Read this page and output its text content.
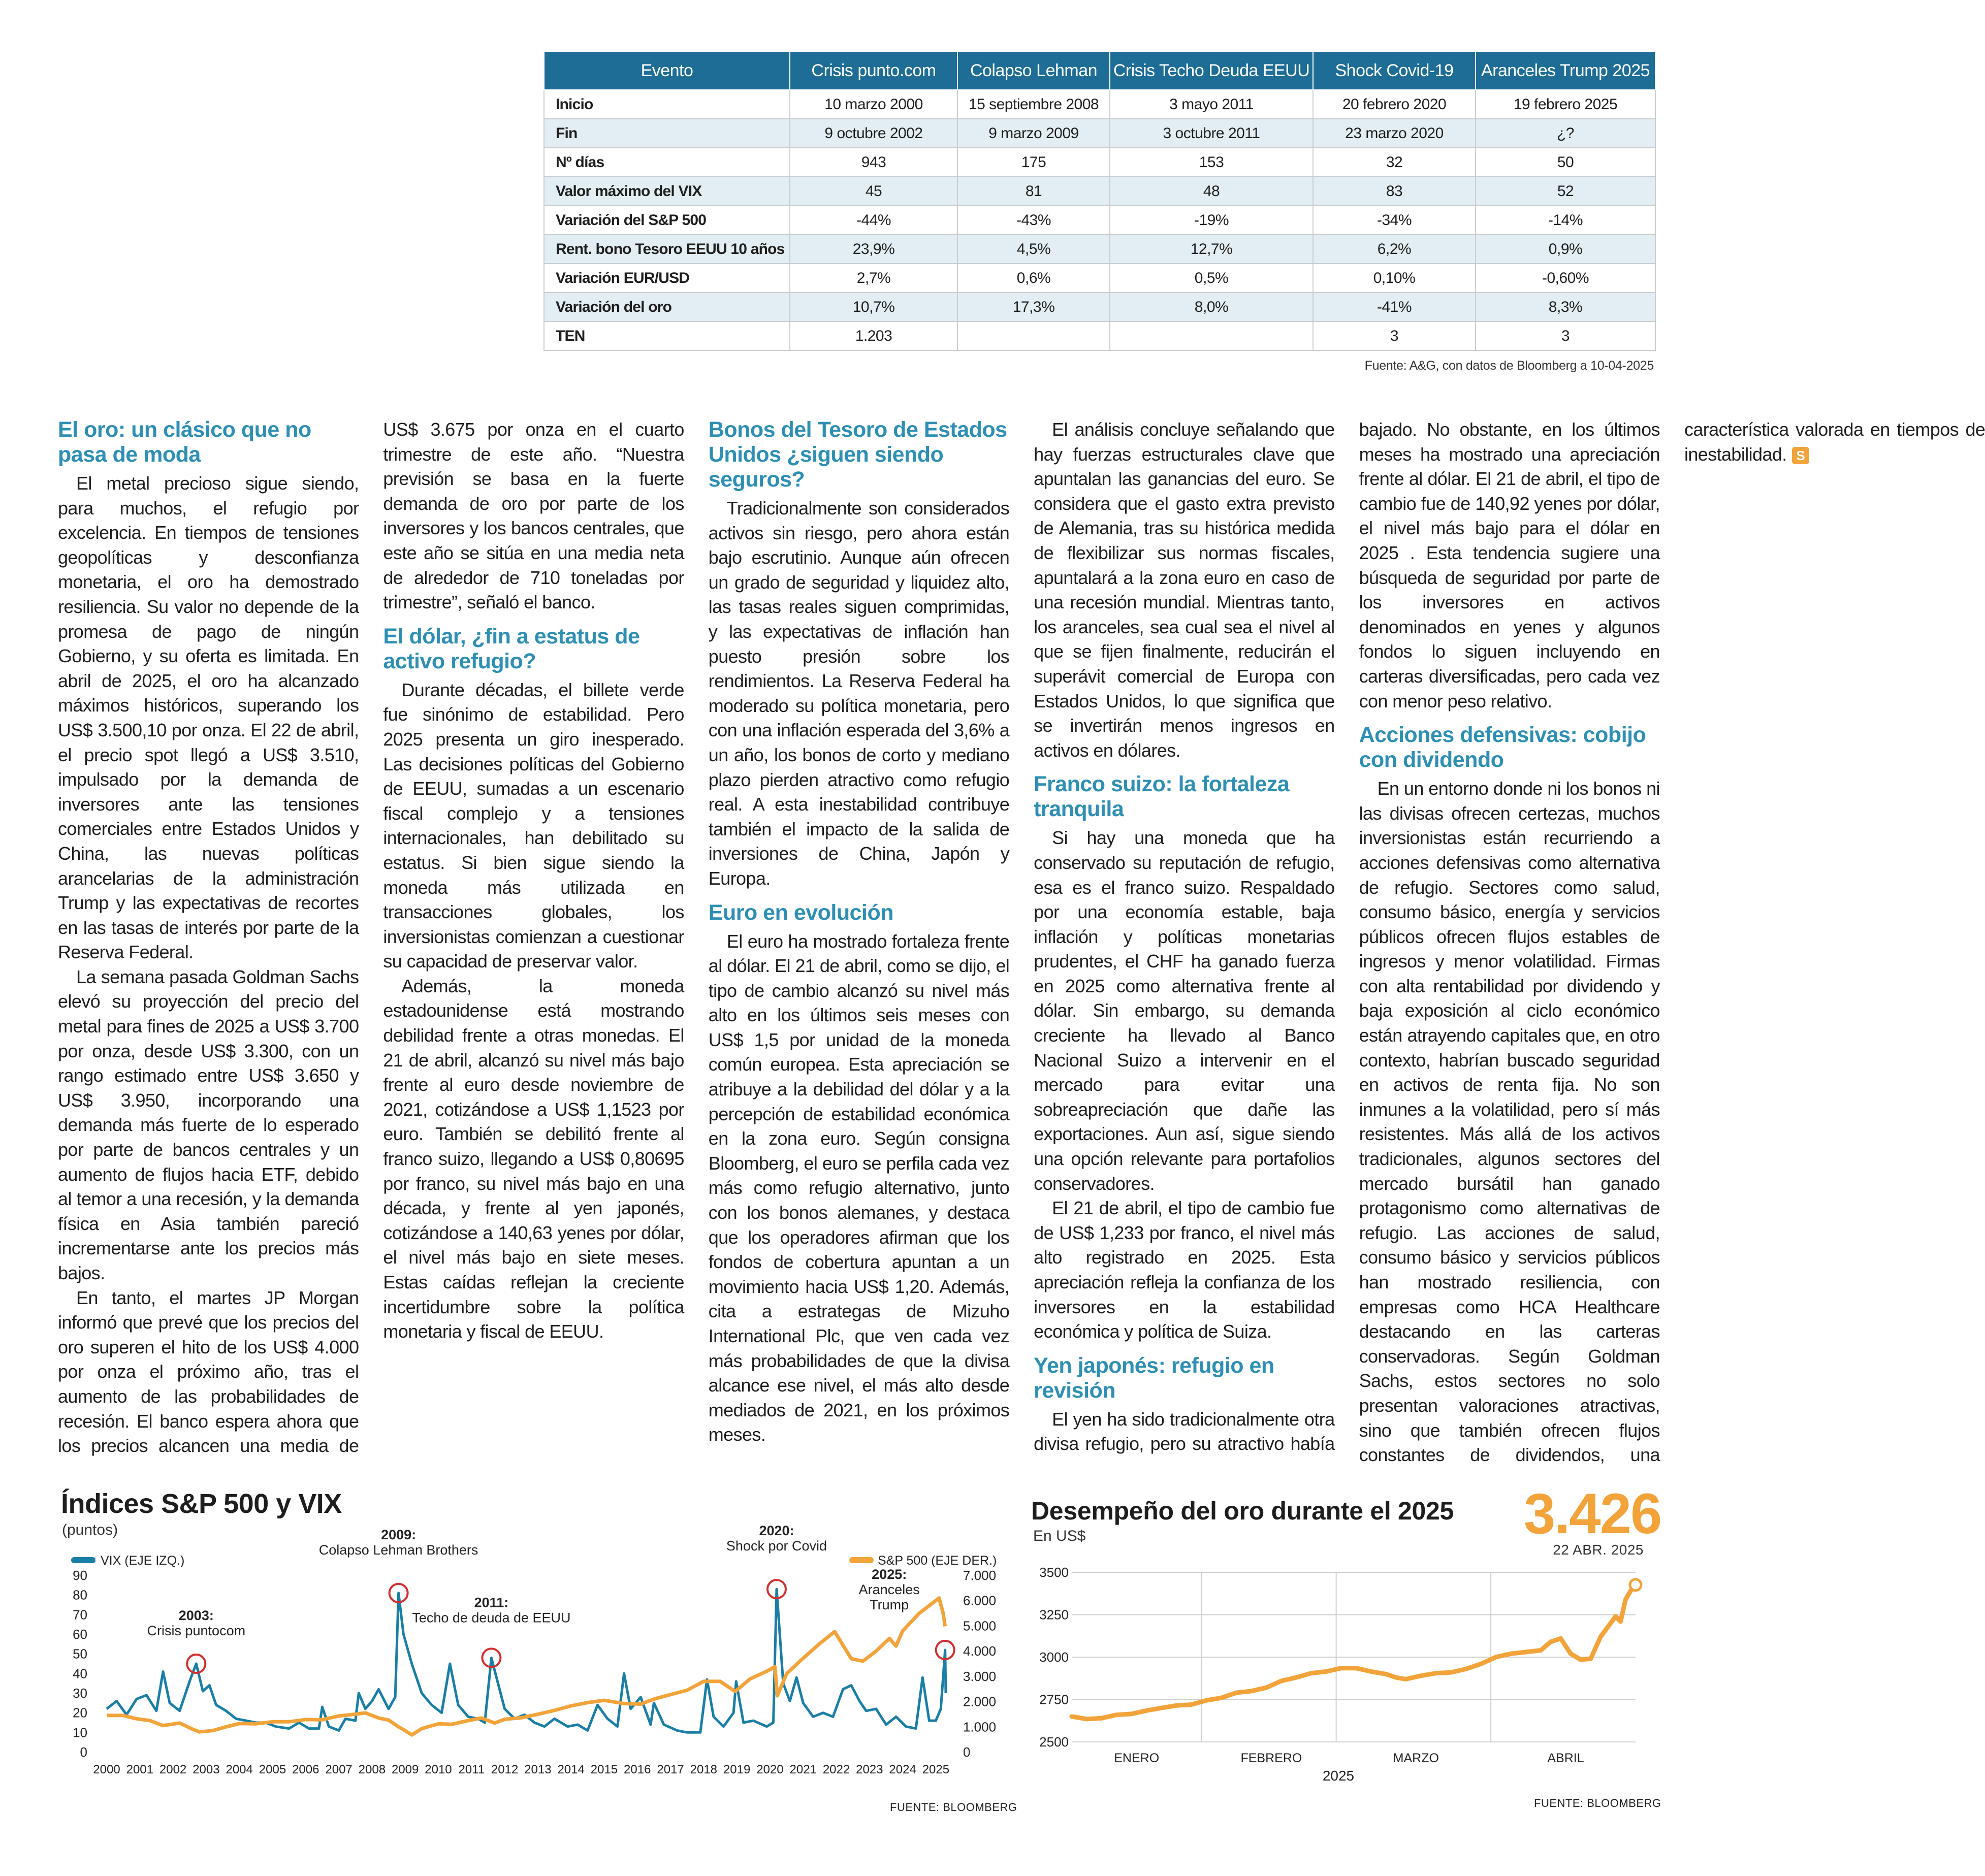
Evento	Crisis punto.com	Colapso Lehman	Crisis Techo Deuda EEUU	Shock Covid-19	Aranceles Trump 2025
Inicio	10 marzo 2000	15 septiembre 2008	3 mayo 2011	20 febrero 2020	19 febrero 2025
Fin	9 octubre 2002	9 marzo 2009	3 octubre 2011	23 marzo 2020	¿?
Nº días	943	175	153	32	50
Valor máximo del VIX	45	81	48	83	52
Variación del S&P 500	-44%	-43%	-19%	-34%	-14%
Rent. bono Tesoro EEUU 10 años	23,9%	4,5%	12,7%	6,2%	0,9%
Variación EUR/USD	2,7%	0,6%	0,5%	0,10%	-0,60%
Variación del oro	10,7%	17,3%	8,0%	-41%	8,3%
TEN	1.203			3	3
Fuente: A&G, con datos de Bloomberg a 10-04-2025
El oro: un clásico que no pasa de moda

El metal precioso sigue siendo, para muchos, el refugio por excelencia. En tiempos de tensiones geopolíticas y desconfianza monetaria, el oro ha demostrado resiliencia. Su valor no depende de la promesa de pago de ningún Gobierno, y su oferta es limitada. En abril de 2025, el oro ha alcanzado máximos históricos, superando los US$ 3.500,10 por onza. El 22 de abril, el precio spot llegó a US$ 3.510, impulsado por la demanda de inversores ante las tensiones comerciales entre Estados Unidos y China, las nuevas políticas arancelarias de la administración Trump y las expectativas de recortes en las tasas de interés por parte de la Reserva Federal.

La semana pasada Goldman Sachs elevó su proyección del precio del metal para fines de 2025 a US$ 3.700 por onza, desde US$ 3.300, con un rango estimado entre US$ 3.650 y US$ 3.950, incorporando una demanda más fuerte de lo esperado por parte de bancos centrales y un aumento de flujos hacia ETF, debido al temor a una recesión, y la demanda física en Asia también pareció incrementarse ante los precios más bajos.

En tanto, el martes JP Morgan informó que prevé que los precios del oro superen el hito de los US$ 4.000 por onza el próximo año, tras el aumento de las probabilidades de recesión. El banco espera ahora que los precios alcancen una media de US$ 3.675 por onza en el cuarto trimestre de este año. “Nuestra previsión se basa en la fuerte demanda de oro por parte de los inversores y los bancos centrales, que este año se sitúa en una media neta de alrededor de 710 toneladas por trimestre”, señaló el banco.

El dólar, ¿fin a estatus de activo refugio?

Durante décadas, el billete verde fue sinónimo de estabilidad. Pero 2025 presenta un giro inesperado. Las decisiones políticas del Gobierno de EEUU, sumadas a un escenario fiscal complejo y a tensiones internacionales, han debilitado su estatus. Si bien sigue siendo la moneda más utilizada en transacciones globales, los inversionistas comienzan a cuestionar su capacidad de preservar valor.

Además, la moneda estadounidense está mostrando debilidad frente a otras monedas. El 21 de abril, alcanzó su nivel más bajo frente al euro desde noviembre de 2021, cotizándose a US$ 1,1523 por euro. También se debilitó frente al franco suizo, llegando a US$ 0,80695 por franco, su nivel más bajo en una década, y frente al yen japonés, cotizándose a 140,63 yenes por dólar, el nivel más bajo en siete meses. Estas caídas reflejan la creciente incertidumbre sobre la política monetaria y fiscal de EEUU.

Bonos del Tesoro de Estados Unidos ¿siguen siendo seguros?

Tradicionalmente son considerados activos sin riesgo, pero ahora están bajo escrutinio. Aunque aún ofrecen un grado de seguridad y liquidez alto, las tasas reales siguen comprimidas, y las expectativas de inflación han puesto presión sobre los rendimientos. La Reserva Federal ha moderado su política monetaria, pero con una inflación esperada del 3,6% a un año, los bonos de corto y mediano plazo pierden atractivo como refugio real. A esta inestabilidad contribuye también el impacto de la salida de inversiones de China, Japón y Europa.

Euro en evolución

El euro ha mostrado fortaleza frente al dólar. El 21 de abril, como se dijo, el tipo de cambio alcanzó su nivel más alto en los últimos seis meses con US$ 1,5 por unidad de la moneda común europea. Esta apreciación se atribuye a la debilidad del dólar y a la percepción de estabilidad económica en la zona euro. Según consigna Bloomberg, el euro se perfila cada vez más como refugio alternativo, junto con los bonos alemanes, y destaca que los operadores afirman que los fondos de cobertura apuntan a un movimiento hacia US$ 1,20. Además, cita a estrategas de Mizuho International Plc, que ven cada vez más probabilidades de que la divisa alcance ese nivel, el más alto desde mediados de 2021, en los próximos meses.

El análisis concluye señalando que hay fuerzas estructurales clave que apuntalan las ganancias del euro. Se considera que el gasto extra previsto de Alemania, tras su histórica medida de flexibilizar sus normas fiscales, apuntalará a la zona euro en caso de una recesión mundial. Mientras tanto, los aranceles, sea cual sea el nivel al que se fijen finalmente, reducirán el superávit comercial de Europa con Estados Unidos, lo que significa que se invertirán menos ingresos en activos en dólares.

Franco suizo: la fortaleza tranquila

Si hay una moneda que ha conservado su reputación de refugio, esa es el franco suizo. Respaldado por una economía estable, baja inflación y políticas monetarias prudentes, el CHF ha ganado fuerza en 2025 como alternativa frente al dólar. Sin embargo, su demanda creciente ha llevado al Banco Nacional Suizo a intervenir en el mercado para evitar una sobreapreciación que dañe las exportaciones. Aun así, sigue siendo una opción relevante para portafolios conservadores.

El 21 de abril, el tipo de cambio fue de US$ 1,233 por franco, el nivel más alto registrado en 2025. Esta apreciación refleja la confianza de los inversores en la estabilidad económica y política de Suiza.

Yen japonés: refugio en revisión

El yen ha sido tradicionalmente otra divisa refugio, pero su atractivo había bajado. No obstante, en los últimos meses ha mostrado una apreciación frente al dólar. El 21 de abril, el tipo de cambio fue de 140,92 yenes por dólar, el nivel más bajo para el dólar en 2025 . Esta tendencia sugiere una búsqueda de seguridad por parte de los inversores en activos denominados en yenes y algunos fondos lo siguen incluyendo en carteras diversificadas, pero cada vez con menor peso relativo.

Acciones defensivas: cobijo con dividendo

En un entorno donde ni los bonos ni las divisas ofrecen certezas, muchos inversionistas están recurriendo a acciones defensivas como alternativa de refugio. Sectores como salud, consumo básico, energía y servicios públicos ofrecen flujos estables de ingresos y menor volatilidad. Firmas con alta rentabilidad por dividendo y baja exposición al ciclo económico están atrayendo capitales que, en otro contexto, habrían buscado seguridad en activos de renta fija. No son inmunes a la volatilidad, pero sí más resistentes. Más allá de los activos tradicionales, algunos sectores del mercado bursátil han ganado protagonismo como alternativas de refugio. Las acciones de salud, consumo básico y servicios públicos han mostrado resiliencia, con empresas como HCA Healthcare destacando en las carteras conservadoras. Según Goldman Sachs, estos sectores no solo presentan valoraciones atractivas, sino que también ofrecen flujos constantes de dividendos, una característica valorada en tiempos de inestabilidad. S

Índices S&P 500 y VIX
(puntos)
0
10
20
30
40
50
60
70
80
90
0
1.000
2.000
3.000
4.000
5.000
6.000
7.000
2000 2001 2002 2003 2004 2005 2006 2007 2008 2009 2010 2011 2012 2013 2014 2015 2016 2017 2018 2019 2020 2021 2022 2023 2024 2025
VIX (EJE IZQ.)	S&P 500 (EJE DER.)
2003:
Crisis puntocom
2009:
Colapso Lehman Brothers
2011:
Techo de deuda de EEUU
2020:
Shock por Covid
2025:
Aranceles
Trump
FUENTE: BLOOMBERG
Desempeño del oro durante el 2025
En US$	3.426
22 ABR. 2025
2500
2750
3000
3250
3500
ENERO	FEBRERO	MARZO	ABRIL
2025
FUENTE: BLOOMBERG
